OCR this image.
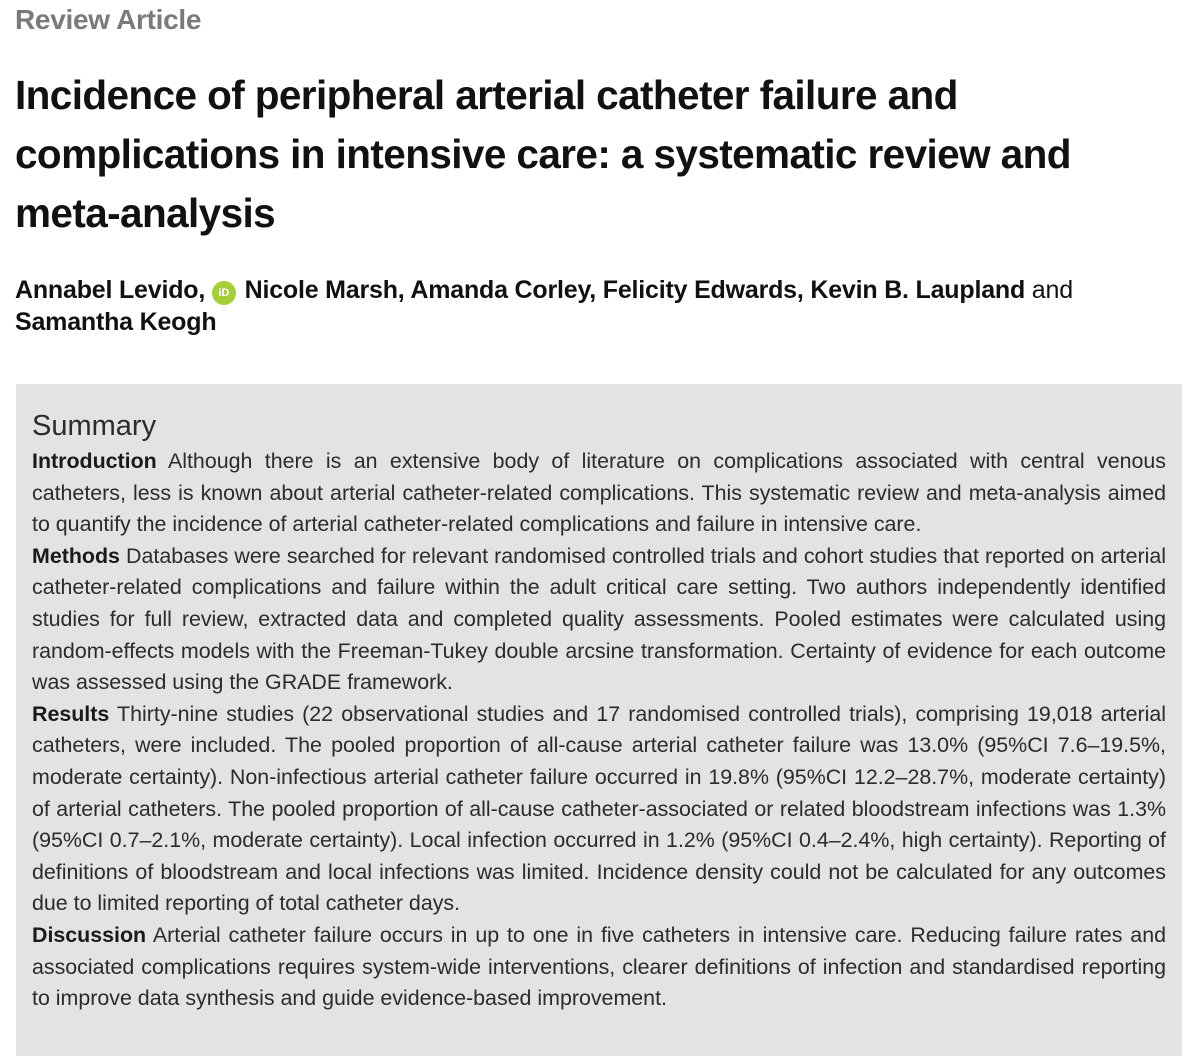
Review Article
Incidence of peripheral arterial catheter failure and complications in intensive care: a systematic review and meta-analysis
Annabel Levido, iD Nicole Marsh, Amanda Corley, Felicity Edwards, Kevin B. Laupland and
Samantha Keogh
Summary

Introduction Although there is an extensive body of literature on complications associated with central venous catheters, less is known about arterial catheter-related complications. This systematic review and meta-analysis aimed to quantify the incidence of arterial catheter-related complications and failure in intensive care.

Methods Databases were searched for relevant randomised controlled trials and cohort studies that reported on arterial catheter-related complications and failure within the adult critical care setting. Two authors independently identified studies for full review, extracted data and completed quality assessments. Pooled estimates were calculated using random-effects models with the Freeman-Tukey double arcsine transformation. Certainty of evidence for each outcome was assessed using the GRADE framework.

Results Thirty-nine studies (22 observational studies and 17 randomised controlled trials), comprising 19,018 arterial catheters, were included. The pooled proportion of all-cause arterial catheter failure was 13.0% (95%CI 7.6–19.5%, moderate certainty). Non-infectious arterial catheter failure occurred in 19.8% (95%CI 12.2–28.7%, moderate certainty) of arterial catheters. The pooled proportion of all-cause catheter-associated or related bloodstream infections was 1.3% (95%CI 0.7–2.1%, moderate certainty). Local infection occurred in 1.2% (95%CI 0.4–2.4%, high certainty). Reporting of definitions of bloodstream and local infections was limited. Incidence density could not be calculated for any outcomes due to limited reporting of total catheter days.

Discussion Arterial catheter failure occurs in up to one in five catheters in intensive care. Reducing failure rates and associated complications requires system-wide interventions, clearer definitions of infection and standardised reporting to improve data synthesis and guide evidence-based improvement.
